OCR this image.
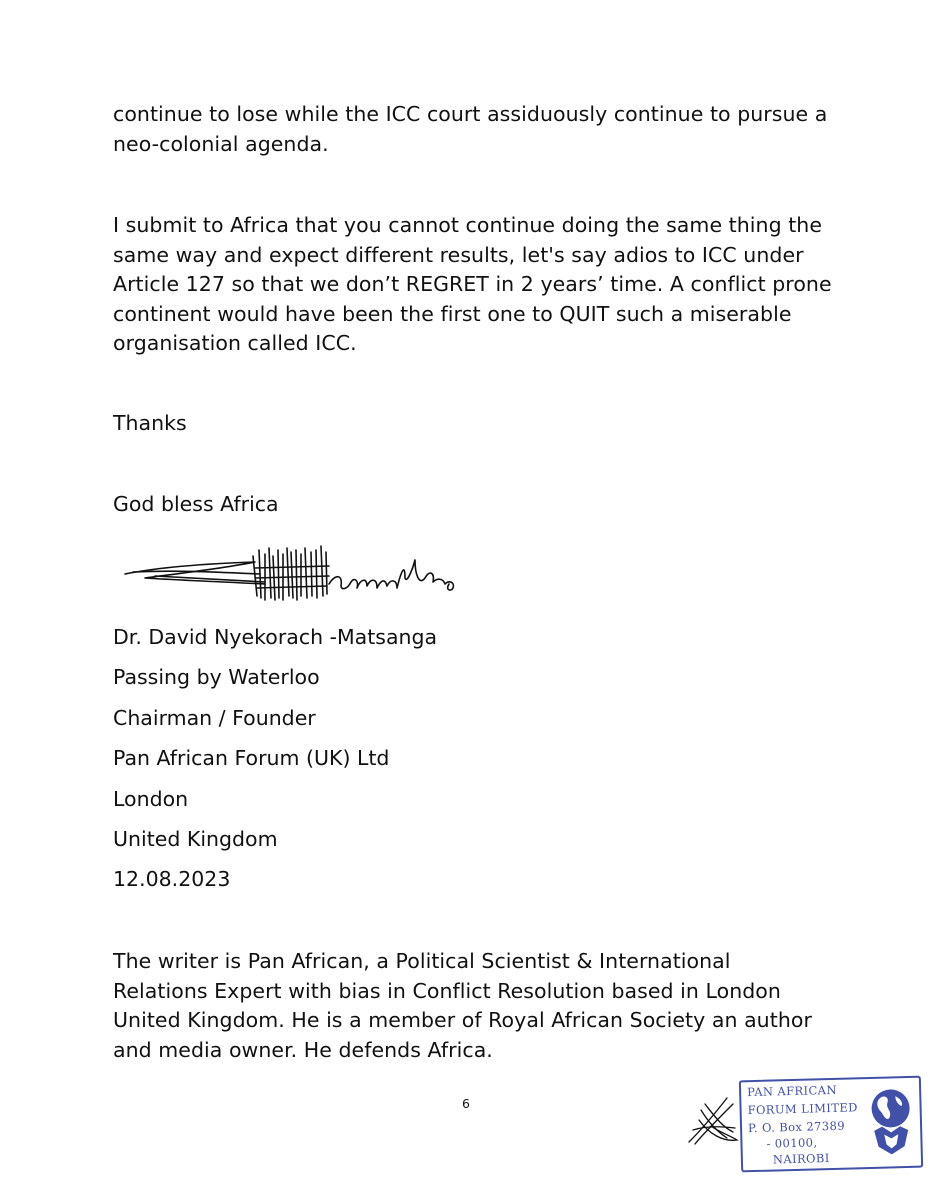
continue to lose while the ICC court assiduously continue to pursue a neo-colonial agenda.

I submit to Africa that you cannot continue doing the same thing the same way and expect different results, let's say adios to ICC under Article 127 so that we don’t REGRET in 2 years’ time. A conflict prone continent would have been the first one to QUIT such a miserable organisation called ICC.

Thanks

God bless Africa

Dr. David Nyekorach -Matsanga

Passing by Waterloo

Chairman / Founder

Pan African Forum (UK) Ltd

London

United Kingdom

12.08.2023

The writer is Pan African, a Political Scientist & International Relations Expert with bias in Conflict Resolution based in London United Kingdom. He is a member of Royal African Society an author and media owner. He defends Africa.

6
PAN AFRICAN
FORUM LIMITED
P. O. Box 27389
- 00100,
NAIROBI
